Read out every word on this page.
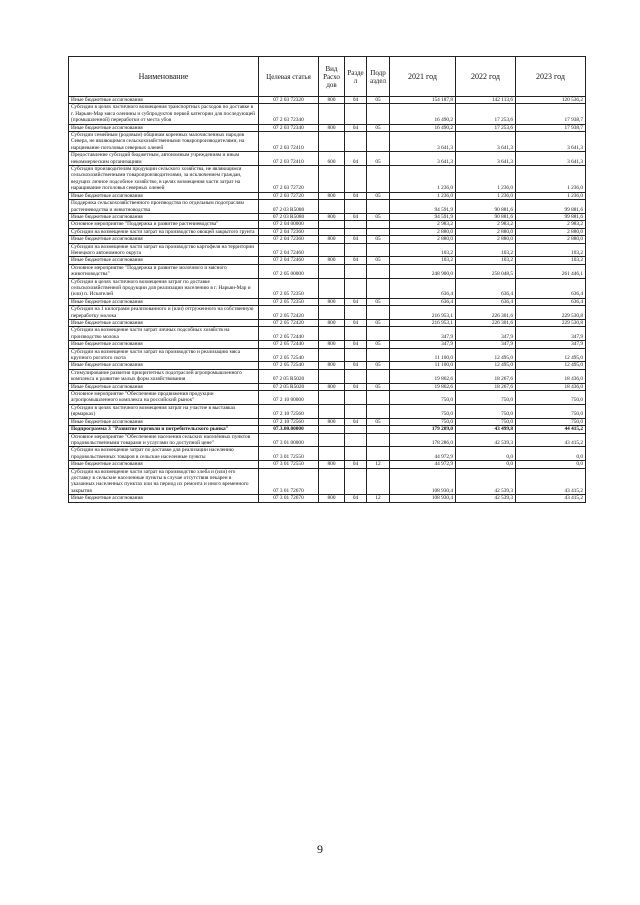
Наименование	Целевая статья	Вид Расхо дов	Разде л	Подр аздел	2021 год	2022 год	2023 год
Иные бюджетные ассигнования	07 2 03 72320	800	04	05	154 187,8	142 113,6	120 536,2
Субсидии в целях частичного возмещения транспортных расходов по доставке в г. Нарьян-Мар мяса оленины и субпродуктов первой категории для последующей (промышленной) переработки от места убоя	07 2 03 72340				16 490,2	17 253,6	17 938,7
Иные бюджетные ассигнования	07 2 03 72340	800	04	05	16 490,2	17 253,6	17 938,7
Субсидии семейным (родовым) общинам коренных малочисленных народов Севера, не являющимся сельскохозяйственными товаропроизводителями, на нарциевание поголовья северных оленей	07 2 03 72410				3 641,3	3 641,3	3 641,3
Предоставление субсидий бюджетным, автономным учреждениям и иным некоммерческим организациям	07 2 03 72410	600	04	05	3 641,3	3 641,3	3 641,3
Субсидии производителям продукции сельского хозяйства, не являющимся сельскохозяйственными товаропроизводителями, за исключением граждан, ведущих личное подсобное хозяйство, в целях возмещения части затрат на наращивание поголовья северных оленей	07 2 03 72720				1 236,0	1 236,0	1 236,0
Иные бюджетные ассигнования	07 2 03 72720	800	04	05	1 236,0	1 236,0	1 236,0
Поддержка сельскохозяйственного производства по отдельным подотраслям растениеводства и животноводства	07 2 03 R5080				94 591,9	90 881,6	99 881,6
Иные бюджетные ассигнования	07 2 03 R5080	800	04	05	94 591,9	90 881,6	99 881,6
Основное мероприятие "Поддержка и развитие растениеводства"	07 2 04 00000				2 983,2	2 983,2	2 983,2
Субсидии на возмещение части затрат на производство овощей закрытого грунта	07 2 04 72360				2 880,0	2 880,0	2 880,0
Иные бюджетные ассигнования	07 2 04 72360	800	04	05	2 880,0	2 880,0	2 880,0
Субсидии на возмещение части затрат на производство картофеля на территории Ненецкого автономного округа	07 2 04 72460				103,2	103,2	103,2
Иные бюджетные ассигнования	07 2 04 72460	800	04	05	103,2	103,2	103,2
Основное мероприятие "Поддержка и развитие молочного и мясного животноводства"	07 2 05 00000				248 900,0	258 048,5	261 446,1
Субсидии в целях частичного возмещения затрат по доставке сельскохозяйственной продукции для реализации населению в г. Нарьян-Мар и (или) п. Искателей	07 2 05 72350				636,4	636,4	636,4
Иные бюджетные ассигнования	07 2 05 72350	800	04	05	636,4	636,4	636,4
Субсидии на 1 килограмм реализованного и (или) отгруженного на собственную переработку молока	07 2 05 72420				216 953,1	226 301,6	229 530,8
Иные бюджетные ассигнования	07 2 05 72420	800	04	05	216 953,1	226 301,6	229 530,8
Субсидии на возмещение части затрат личных подсобных хозяйств на производство молока	07 2 05 72440				347,9	347,9	347,9
Иные бюджетные ассигнования	07 2 05 72440	800	04	05	347,9	347,9	347,9
Субсидии на возмещение части затрат на производство и реализацию мяса крупного рогатого скота	07 2 05 72540				11 100,0	12 495,0	12 495,0
Иные бюджетные ассигнования	07 2 05 72540	800	04	05	11 100,0	12 495,0	12 495,0
Стимулирование развития приоритетных подотраслей агропромышленного комплекса и развитие малых форм хозяйствования	07 2 05 R5020				19 862,6	18 267,6	18 436,0
Иные бюджетные ассигнования	07 2 05 R5020	800	04	05	19 862,6	18 267,6	18 436,0
Основное мероприятие "Обеспечение продвижения продукции агропромышленного комплекса на российский рынок"	07 2 10 00000				750,0	750,0	750,0
Субсидии в целях частичного возмещения затрат на участие в выставках (ярмарках)	07 2 10 72560				750,0	750,0	750,0
Иные бюджетные ассигнования	07 2 10 72560	800	04	05	750,0	750,0	750,0
Подпрограмма 3 "Развитие торговли и потребительского рынка"	07.3.00.00000				179 209,0	43 499,8	44 415,2
Основное мероприятие "Обеспечение населения сельских населённых пунктов продовольственными товарами и услугами по доступной цене"	07 3 01 00000				178 286,0	42 539,3	43 415,2
Субсидии на возмещение затрат по доставке для реализации населению продовольственных товаров в сельские населенные пункты	07 3 01 72550				44 972,9	0,0	0,0
Иные бюджетные ассигнования	07 3 01 72550	800	04	12	44 972,9	0,0	0,0
Субсидии на возмещение части затрат на производство хлеба и (или) его доставку в сельские населенные пункты в случае отсутствия пекарен в указанных населенных пунктах или на период их ремонта и иного временного закрытия	07 3 01 72670				108 930,4	42 539,3	43 415,2
Иные бюджетные ассигнования	07 3 01 72670	800	04	12	108 930,4	42 539,3	43 415,2
9
